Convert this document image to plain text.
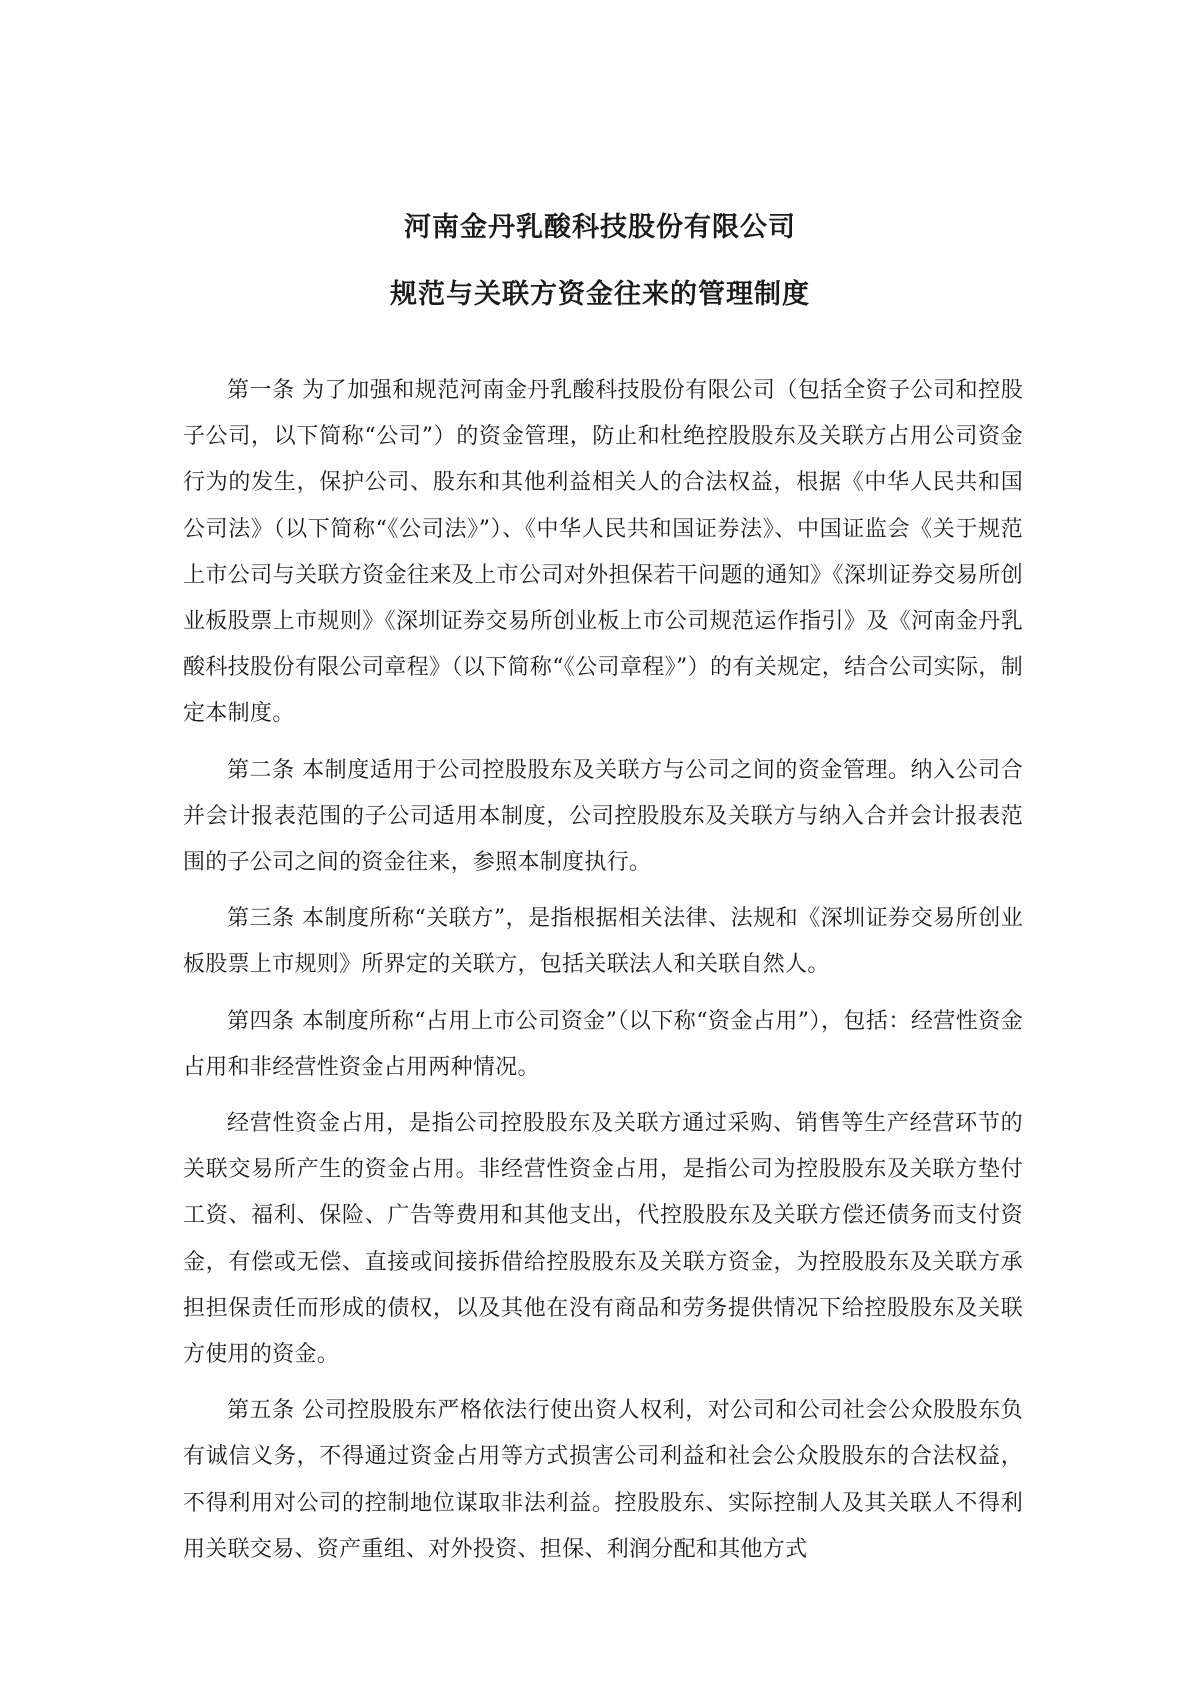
河南金丹乳酸科技股份有限公司
规范与关联方资金往来的管理制度

第一条 为了加强和规范河南金丹乳酸科技股份有限公司（包括全资子公司和控股子公司，以下简称“公司”）的资金管理，防止和杜绝控股股东及关联方占用公司资金行为的发生，保护公司、股东和其他利益相关人的合法权益，根据《中华人民共和国公司法》（以下简称“《公司法》”）、《中华人民共和国证券法》、中国证监会《关于规范上市公司与关联方资金往来及上市公司对外担保若干问题的通知》《深圳证券交易所创业板股票上市规则》《深圳证券交易所创业板上市公司规范运作指引》及《河南金丹乳酸科技股份有限公司章程》（以下简称“《公司章程》”）的有关规定，结合公司实际，制定本制度。

第二条 本制度适用于公司控股股东及关联方与公司之间的资金管理。纳入公司合并会计报表范围的子公司适用本制度，公司控股股东及关联方与纳入合并会计报表范围的子公司之间的资金往来，参照本制度执行。

第三条 本制度所称“关联方”，是指根据相关法律、法规和《深圳证券交易所创业板股票上市规则》所界定的关联方，包括关联法人和关联自然人。

第四条 本制度所称“占用上市公司资金”（以下称“资金占用”），包括：经营性资金占用和非经营性资金占用两种情况。

经营性资金占用，是指公司控股股东及关联方通过采购、销售等生产经营环节的关联交易所产生的资金占用。非经营性资金占用，是指公司为控股股东及关联方垫付工资、福利、保险、广告等费用和其他支出，代控股股东及关联方偿还债务而支付资金，有偿或无偿、直接或间接拆借给控股股东及关联方资金，为控股股东及关联方承担担保责任而形成的债权，以及其他在没有商品和劳务提供情况下给控股股东及关联方使用的资金。

第五条 公司控股股东严格依法行使出资人权利，对公司和公司社会公众股股东负有诚信义务，不得通过资金占用等方式损害公司利益和社会公众股股东的合法权益，不得利用对公司的控制地位谋取非法利益。控股股东、实际控制人及其关联人不得利用关联交易、资产重组、对外投资、担保、利润分配和其他方式
